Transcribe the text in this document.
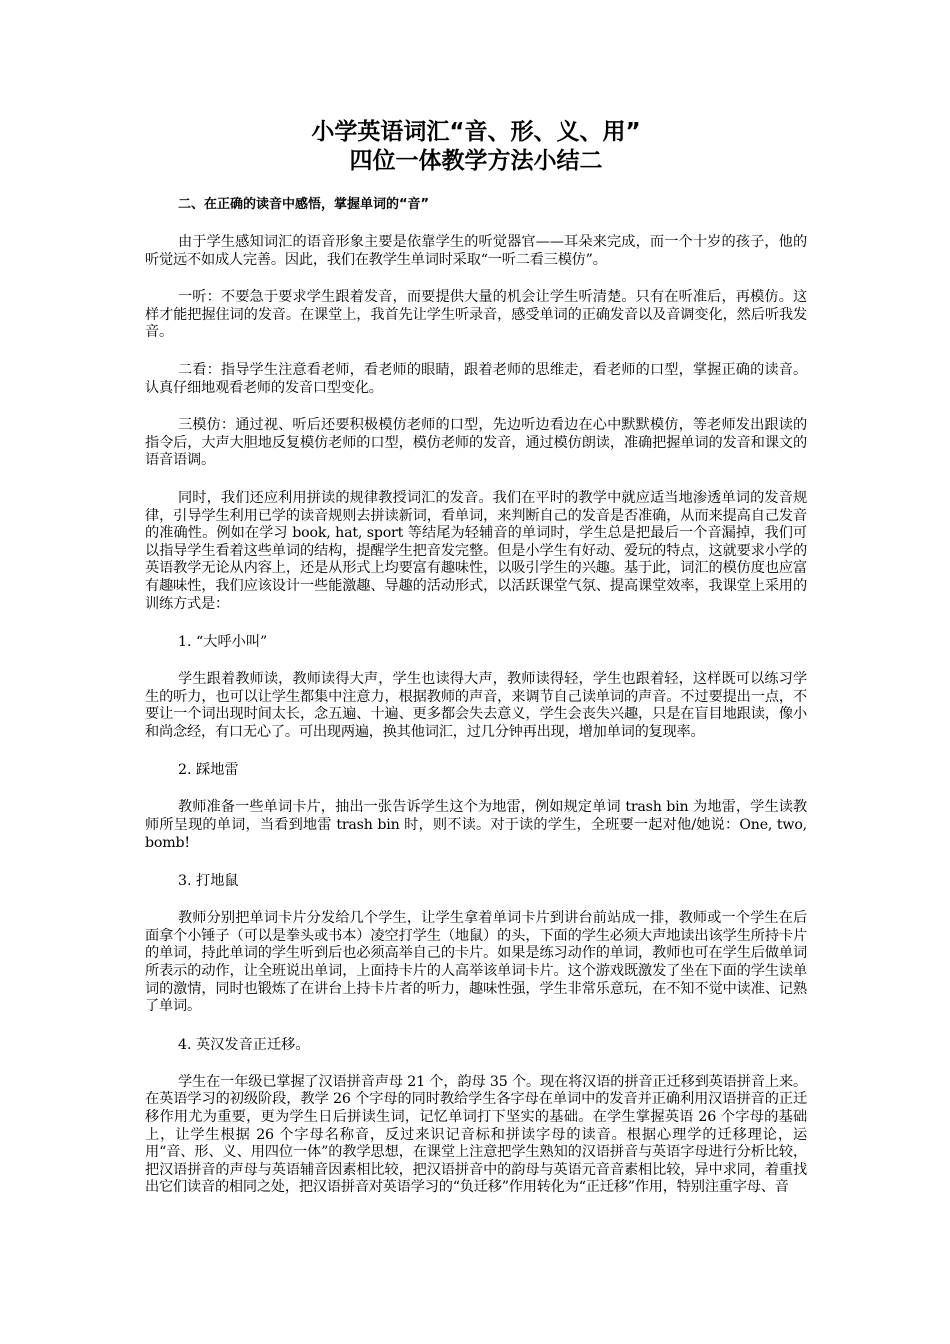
小学英语词汇“音、形、义、用”
四位一体教学方法小结二
二、在正确的读音中感悟，掌握单词的“音”

由于学生感知词汇的语音形象主要是依靠学生的听觉器官——耳朵来完成，而一个十岁的孩子，他的听觉远不如成人完善。因此，我们在教学生单词时采取“一听二看三模仿”。

一听：不要急于要求学生跟着发音，而要提供大量的机会让学生听清楚。只有在听准后，再模仿。这样才能把握住词的发音。在课堂上，我首先让学生听录音，感受单词的正确发音以及音调变化，然后听我发音。

二看：指导学生注意看老师，看老师的眼睛，跟着老师的思维走，看老师的口型，掌握正确的读音。认真仔细地观看老师的发音口型变化。

三模仿：通过视、听后还要积极模仿老师的口型，先边听边看边在心中默默模仿，等老师发出跟读的指令后，大声大胆地反复模仿老师的口型，模仿老师的发音，通过模仿朗读，准确把握单词的发音和课文的语音语调。

同时，我们还应利用拼读的规律教授词汇的发音。我们在平时的教学中就应适当地渗透单词的发音规律，引导学生利用已学的读音规则去拼读新词，看单词，来判断自己的发音是否准确，从而来提高自己发音的准确性。例如在学习 book, hat, sport 等结尾为轻辅音的单词时，学生总是把最后一个音漏掉，我们可以指导学生看着这些单词的结构，提醒学生把音发完整。但是小学生有好动、爱玩的特点，这就要求小学的英语教学无论从内容上，还是从形式上均要富有趣味性，以吸引学生的兴趣。基于此，词汇的模仿度也应富有趣味性，我们应该设计一些能激趣、导趣的活动形式，以活跃课堂气氛、提高课堂效率，我课堂上采用的训练方式是：

1. “大呼小叫”

学生跟着教师读，教师读得大声，学生也读得大声，教师读得轻，学生也跟着轻，这样既可以练习学生的听力，也可以让学生都集中注意力，根据教师的声音，来调节自己读单词的声音。不过要提出一点，不要让一个词出现时间太长，念五遍、十遍、更多都会失去意义，学生会丧失兴趣，只是在盲目地跟读，像小和尚念经，有口无心了。可出现两遍，换其他词汇，过几分钟再出现，增加单词的复现率。

2. 踩地雷

教师准备一些单词卡片，抽出一张告诉学生这个为地雷，例如规定单词 trash bin 为地雷，学生读教师所呈现的单词，当看到地雷 trash bin 时，则不读。对于读的学生，全班要一起对他/她说：One, two, bomb!

3. 打地鼠

教师分别把单词卡片分发给几个学生，让学生拿着单词卡片到讲台前站成一排，教师或一个学生在后面拿个小锤子（可以是拳头或书本）凌空打学生（地鼠）的头，下面的学生必须大声地读出该学生所持卡片的单词，持此单词的学生听到后也必须高举自己的卡片。如果是练习动作的单词，教师也可在学生后做单词所表示的动作，让全班说出单词，上面持卡片的人高举该单词卡片。这个游戏既激发了坐在下面的学生读单词的激情，同时也锻炼了在讲台上持卡片者的听力，趣味性强，学生非常乐意玩，在不知不觉中读准、记熟了单词。

4. 英汉发音正迁移。

学生在一年级已掌握了汉语拼音声母 21 个，韵母 35 个。现在将汉语的拼音正迁移到英语拼音上来。在英语学习的初级阶段，教学 26 个字母的同时教给学生各字母在单词中的发音并正确利用汉语拼音的正迁移作用尤为重要，更为学生日后拼读生词，记忆单词打下坚实的基础。在学生掌握英语 26 个字母的基础上，让学生根据 26 个字母名称音，反过来识记音标和拼读字母的读音。根据心理学的迁移理论，运用“音、形、义、用四位一体”的教学思想，在课堂上注意把学生熟知的汉语拼音与英语字母进行分析比较，把汉语拼音的声母与英语辅音因素相比较，把汉语拼音中的韵母与英语元音音素相比较，异中求同，着重找出它们读音的相同之处，把汉语拼音对英语学习的“负迁移”作用转化为“正迁移”作用，特别注重字母、音
